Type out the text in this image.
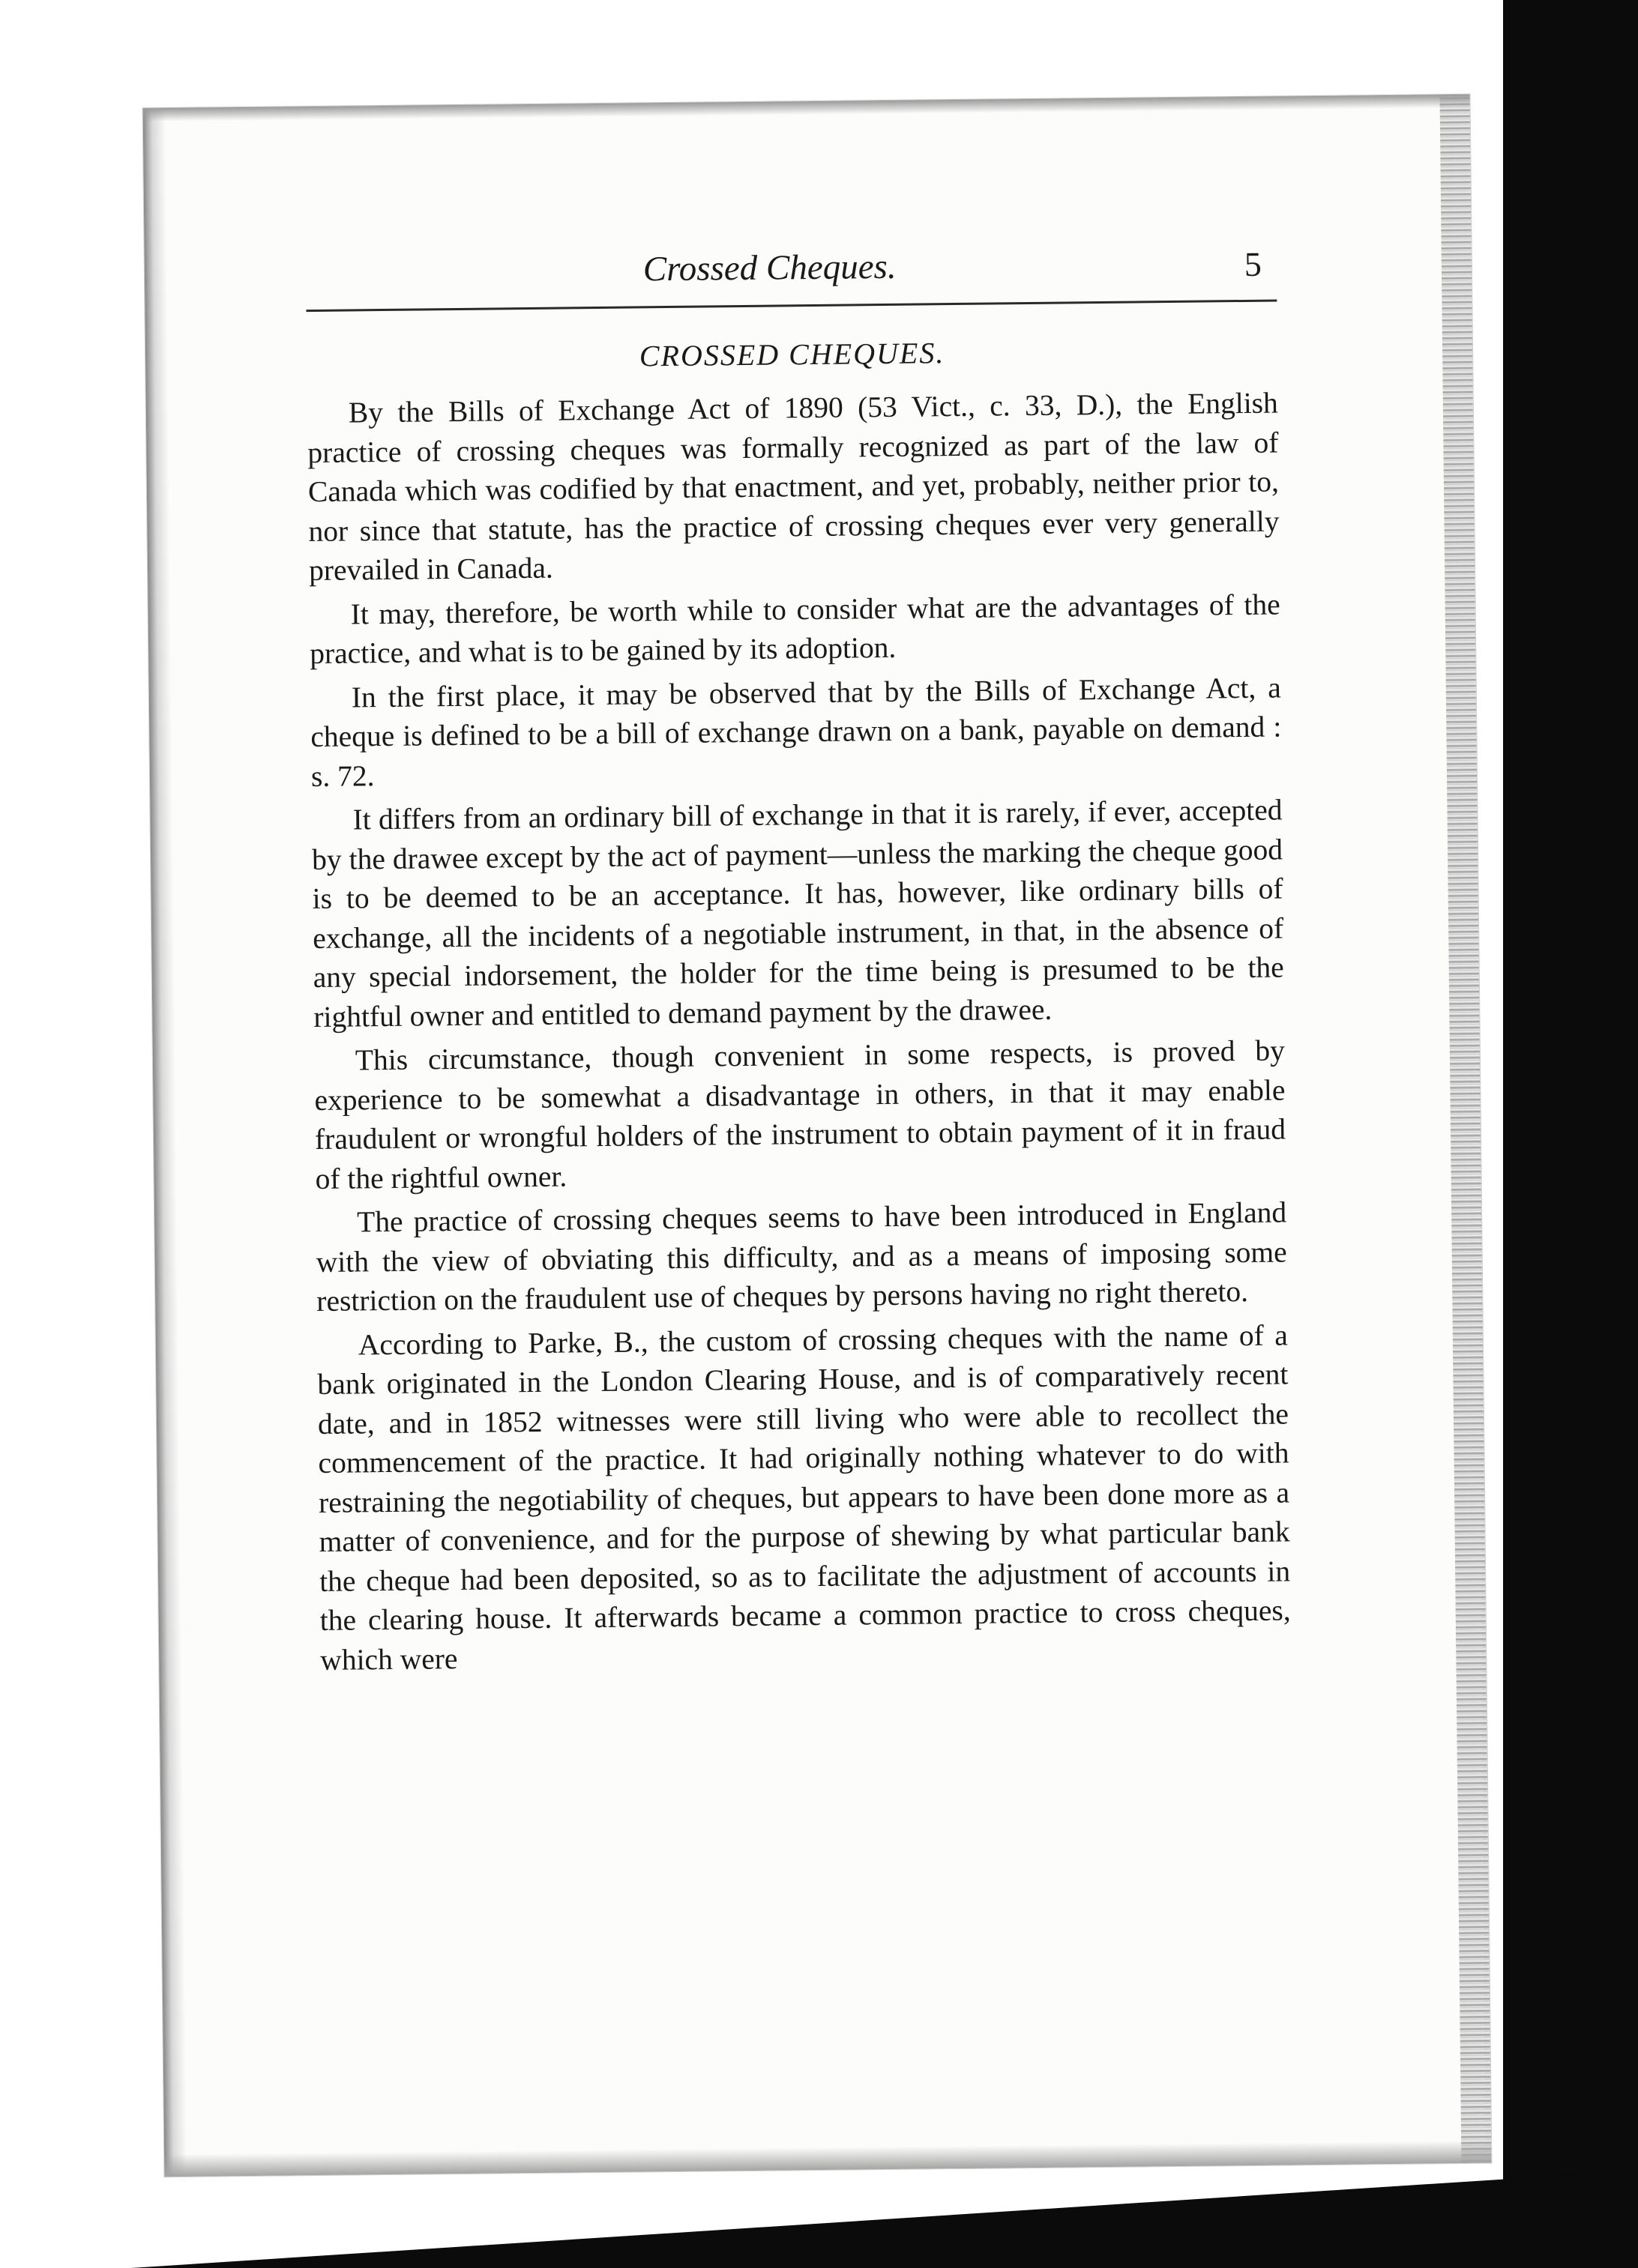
Crossed Cheques.	5
CROSSED CHEQUES.

By the Bills of Exchange Act of 1890 (53 Vict., c. 33, D.), the English practice of crossing cheques was formally recognized as part of the law of Canada which was codified by that enactment, and yet, probably, neither prior to, nor since that statute, has the practice of crossing cheques ever very generally prevailed in Canada.

It may, therefore, be worth while to consider what are the advantages of the practice, and what is to be gained by its adoption.

In the first place, it may be observed that by the Bills of Exchange Act, a cheque is defined to be a bill of exchange drawn on a bank, payable on demand : s. 72.

It differs from an ordinary bill of exchange in that it is rarely, if ever, accepted by the drawee except by the act of payment—unless the marking the cheque good is to be deemed to be an acceptance. It has, however, like ordinary bills of exchange, all the incidents of a negotiable instrument, in that, in the absence of any special indorsement, the holder for the time being is presumed to be the rightful owner and entitled to demand payment by the drawee.

This circumstance, though convenient in some respects, is proved by experience to be somewhat a disadvantage in others, in that it may enable fraudulent or wrongful holders of the instrument to obtain payment of it in fraud of the rightful owner.

The practice of crossing cheques seems to have been introduced in England with the view of obviating this difficulty, and as a means of imposing some restriction on the fraudulent use of cheques by persons having no right thereto.

According to Parke, B., the custom of crossing cheques with the name of a bank originated in the London Clearing House, and is of comparatively recent date, and in 1852 witnesses were still living who were able to recollect the commencement of the practice. It had originally nothing whatever to do with restraining the negotiability of cheques, but appears to have been done more as a matter of convenience, and for the purpose of shewing by what particular bank the cheque had been deposited, so as to facilitate the adjustment of accounts in the clearing house. It afterwards became a common practice to cross cheques, which were
